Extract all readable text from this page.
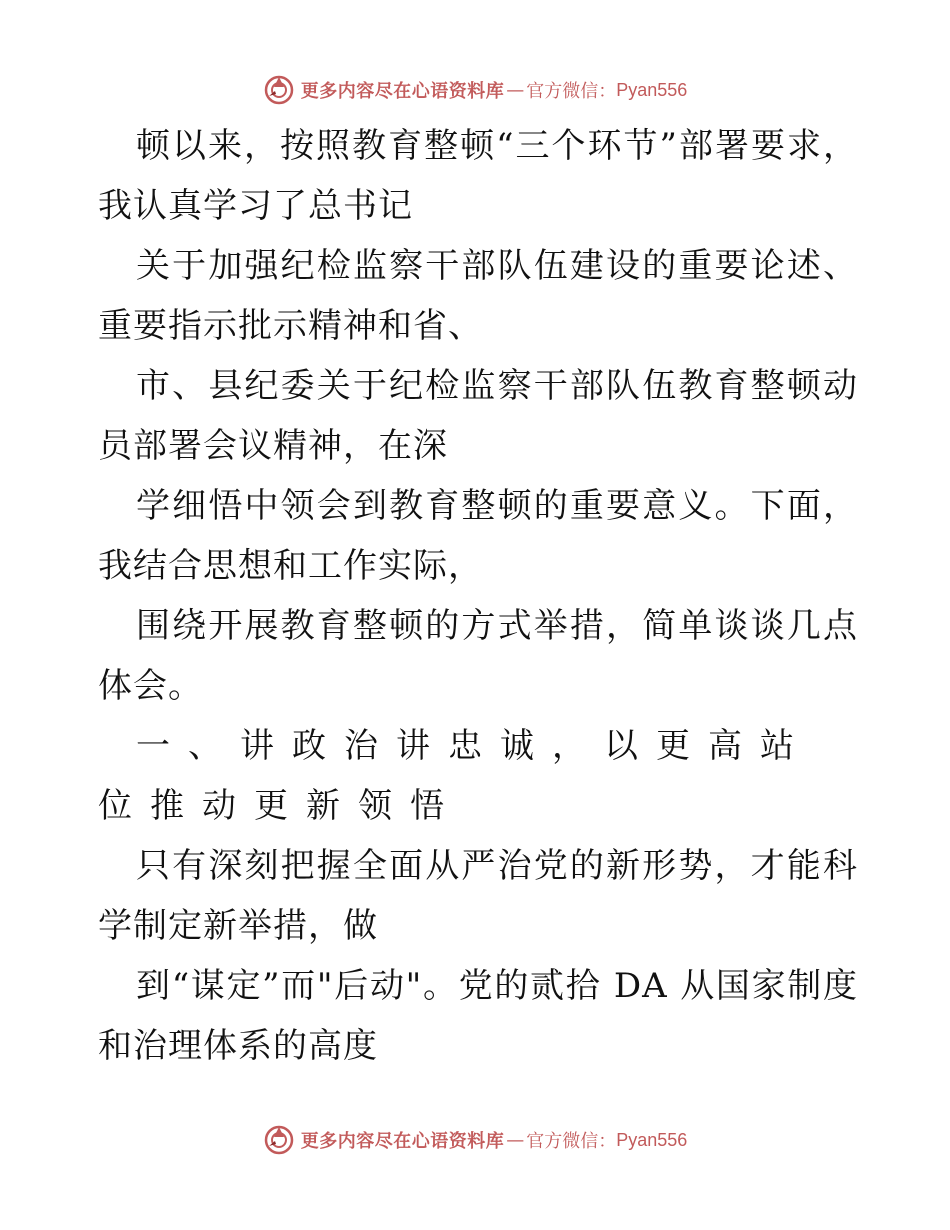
更多内容尽在心语资料库 — 官方微信： Pyan556

顿以来，按照教育整顿“三个环节”部署要求，我认真学习了总书记

关于加强纪检监察干部队伍建设的重要论述、重要指示批示精神和省、

市、县纪委关于纪检监察干部队伍教育整顿动员部署会议精神，在深

学细悟中领会到教育整顿的重要意义。下面，我结合思想和工作实际，

围绕开展教育整顿的方式举措，简单谈谈几点体会。

一、讲政治讲忠诚，以更高站位推动更新领悟

只有深刻把握全面从严治党的新形势，才能科学制定新举措，做

到“谋定”而"后动"。党的贰拾 DA 从国家制度和治理体系的高度

更多内容尽在心语资料库 — 官方微信： Pyan556
